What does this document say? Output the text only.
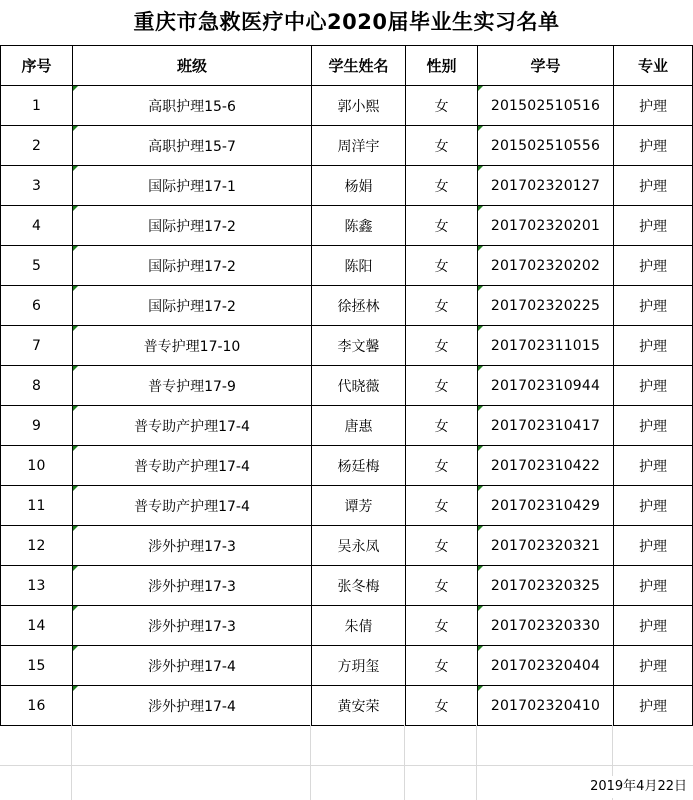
重庆市急救医疗中心2020届毕业生实习名单
序号	班级	学生姓名	性别	学号	专业
1	高职护理15-6	郭小熙	女	201502510516	护理
2	高职护理15-7	周洋宇	女	201502510556	护理
3	国际护理17-1	杨娟	女	201702320127	护理
4	国际护理17-2	陈鑫	女	201702320201	护理
5	国际护理17-2	陈阳	女	201702320202	护理
6	国际护理17-2	徐拯林	女	201702320225	护理
7	普专护理17-10	李文馨	女	201702311015	护理
8	普专护理17-9	代晓薇	女	201702310944	护理
9	普专助产护理17-4	唐惠	女	201702310417	护理
10	普专助产护理17-4	杨廷梅	女	201702310422	护理
11	普专助产护理17-4	谭芳	女	201702310429	护理
12	涉外护理17-3	吴永凤	女	201702320321	护理
13	涉外护理17-3	张冬梅	女	201702320325	护理
14	涉外护理17-3	朱倩	女	201702320330	护理
15	涉外护理17-4	方玥玺	女	201702320404	护理
16	涉外护理17-4	黄安荣	女	201702320410	护理
2019年4月22日
